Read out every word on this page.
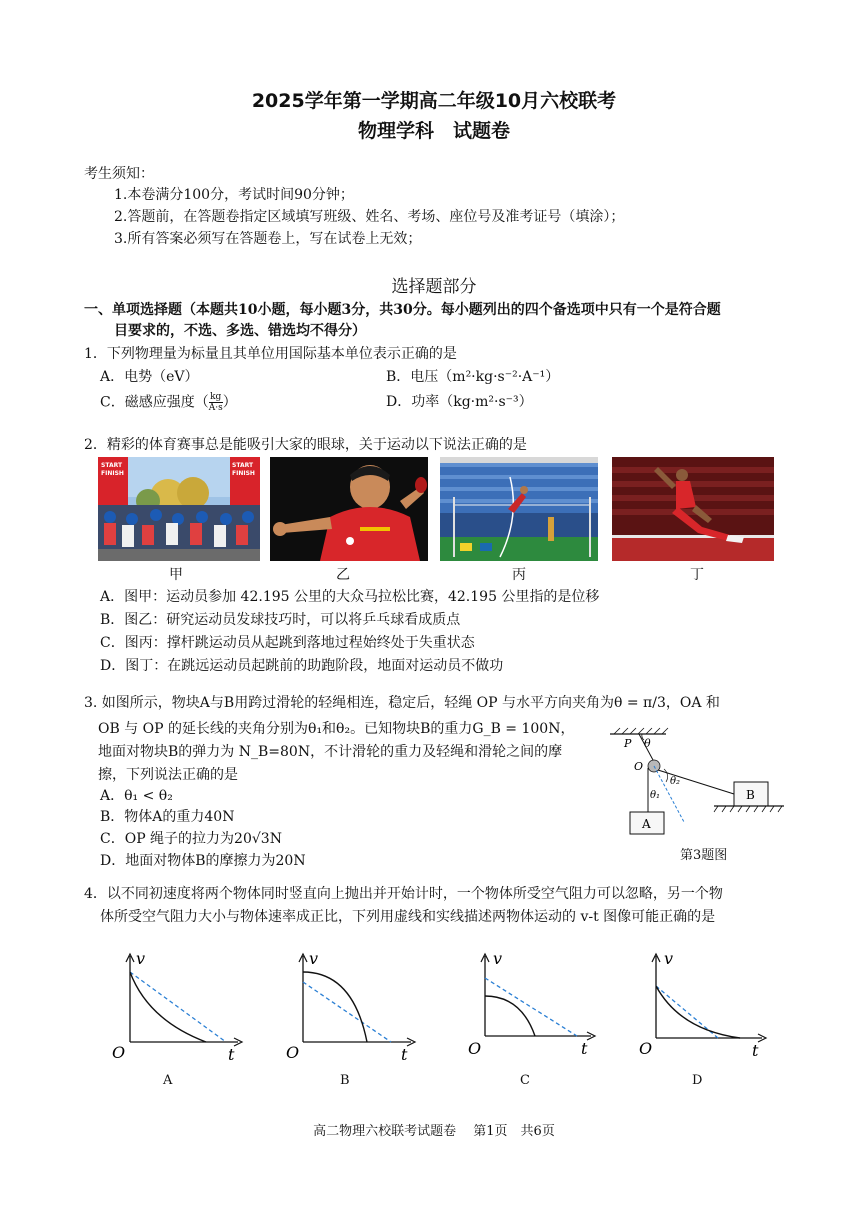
2025学年第一学期高二年级10月六校联考
物理学科　试题卷
考生须知：
1.本卷满分100分，考试时间90分钟；
2.答题前，在答题卷指定区域填写班级、姓名、考场、座位号及准考证号（填涂）；
3.所有答案必须写在答题卷上，写在试卷上无效；
选择题部分
一、单项选择题（本题共10小题，每小题3分，共30分。每小题列出的四个备选项中只有一个是符合题
目要求的，不选、多选、错选均不得分）
1．下列物理量为标量且其单位用国际基本单位表示正确的是
A．电势（eV）	B．电压（m²·kg·s⁻²·A⁻¹）
C．磁感应强度（ $\frac{kg}{A\cdot s}$ ）	D．功率（kg·m²·s⁻³）
2．精彩的体育赛事总是能吸引大家的眼球，关于运动以下说法正确的是
START
FINISH
START
FINISH
甲	乙	丙	丁
A．图甲：运动员参加 42.195 公里的大众马拉松比赛，42.195 公里指的是位移
B．图乙：研究运动员发球技巧时，可以将乒乓球看成质点
C．图丙：撑杆跳运动员从起跳到落地过程始终处于失重状态
D．图丁：在跳远运动员起跳前的助跑阶段，地面对运动员不做功
3. 如图所示，物块A与B用跨过滑轮的轻绳相连，稳定后，轻绳 OP 与水平方向夹角为θ = π/3，OA 和
OB 与 OP 的延长线的夹角分别为θ₁和θ₂。已知物块B的重力G_B = 100N，
地面对物块B的弹力为 N_B=80N，不计滑轮的重力及轻绳和滑轮之间的摩
擦，下列说法正确的是
A．θ₁ < θ₂
B．物体A的重力40N
C．OP 绳子的拉力为20√3N
D．地面对物体B的摩擦力为20N
P θ
O
θ₁
θ₂
A
B
第3题图
4．以不同初速度将两个物体同时竖直向上抛出并开始计时，一个物体所受空气阻力可以忽略，另一个物
体所受空气阻力大小与物体速率成正比，下列用虚线和实线描述两物体运动的 v-t 图像可能正确的是
v
t
O
A
v
t
O
B
v
t
O
C
v
t
O
D
高二物理六校联考试题卷　 第1页　共6页
